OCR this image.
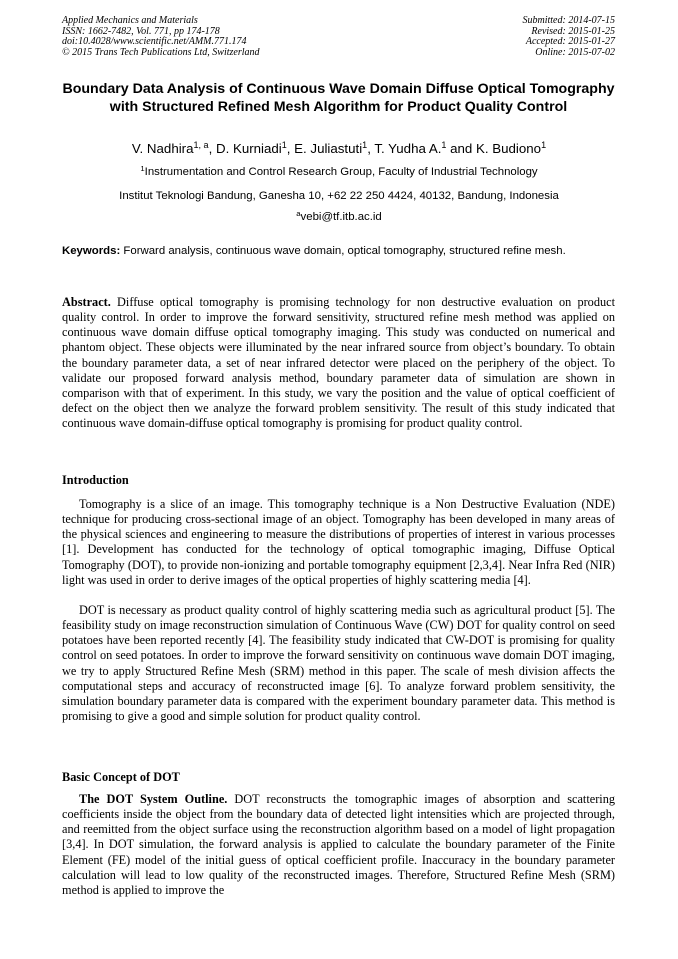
Applied Mechanics and Materials
ISSN: 1662-7482, Vol. 771, pp 174-178
doi:10.4028/www.scientific.net/AMM.771.174
© 2015 Trans Tech Publications Ltd, Switzerland
Submitted: 2014-07-15
Revised: 2015-01-25
Accepted: 2015-01-27
Online: 2015-07-02
Boundary Data Analysis of Continuous Wave Domain Diffuse Optical Tomography with Structured Refined Mesh Algorithm for Product Quality Control
V. Nadhira$^{1, a}$, D. Kurniadi$^1$, E. Juliastuti$^1$, T. Yudha A.$^1$ and K. Budiono$^1$
$^1$Instrumentation and Control Research Group, Faculty of Industrial Technology
Institut Teknologi Bandung, Ganesha 10, +62 22 250 4424, 40132, Bandung, Indonesia
$^a$vebi@tf.itb.ac.id
Keywords: Forward analysis, continuous wave domain, optical tomography, structured refine mesh.
Abstract. Diffuse optical tomography is promising technology for non destructive evaluation on product quality control. In order to improve the forward sensitivity, structured refine mesh method was applied on continuous wave domain diffuse optical tomography imaging. This study was conducted on numerical and phantom object. These objects were illuminated by the near infrared source from object’s boundary. To obtain the boundary parameter data, a set of near infrared detector were placed on the periphery of the object. To validate our proposed forward analysis method, boundary parameter data of simulation are shown in comparison with that of experiment. In this study, we vary the position and the value of optical coefficient of defect on the object then we analyze the forward problem sensitivity. The result of this study indicated that continuous wave domain-diffuse optical tomography is promising for product quality control.
Introduction

Tomography is a slice of an image. This tomography technique is a Non Destructive Evaluation (NDE) technique for producing cross-sectional image of an object. Tomography has been developed in many areas of the physical sciences and engineering to measure the distributions of properties of interest in various processes [1]. Development has conducted for the technology of optical tomographic imaging, Diffuse Optical Tomography (DOT), to provide non-ionizing and portable tomography equipment [2,3,4]. Near Infra Red (NIR) light was used in order to derive images of the optical properties of highly scattering media [4].

DOT is necessary as product quality control of highly scattering media such as agricultural product [5]. The feasibility study on image reconstruction simulation of Continuous Wave (CW) DOT for quality control on seed potatoes have been reported recently [4]. The feasibility study indicated that CW-DOT is promising for quality control on seed potatoes. In order to improve the forward sensitivity on continuous wave domain DOT imaging, we try to apply Structured Refine Mesh (SRM) method in this paper. The scale of mesh division affects the computational steps and accuracy of reconstructed image [6]. To analyze forward problem sensitivity, the simulation boundary parameter data is compared with the experiment boundary parameter data. This method is promising to give a good and simple solution for product quality control.

Basic Concept of DOT

The DOT System Outline. DOT reconstructs the tomographic images of absorption and scattering coefficients inside the object from the boundary data of detected light intensities which are projected through, and reemitted from the object surface using the reconstruction algorithm based on a model of light propagation [3,4]. In DOT simulation, the forward analysis is applied to calculate the boundary parameter of the Finite Element (FE) model of the initial guess of optical coefficient profile. Inaccuracy in the boundary parameter calculation will lead to low quality of the reconstructed images. Therefore, Structured Refine Mesh (SRM) method is applied to improve the
